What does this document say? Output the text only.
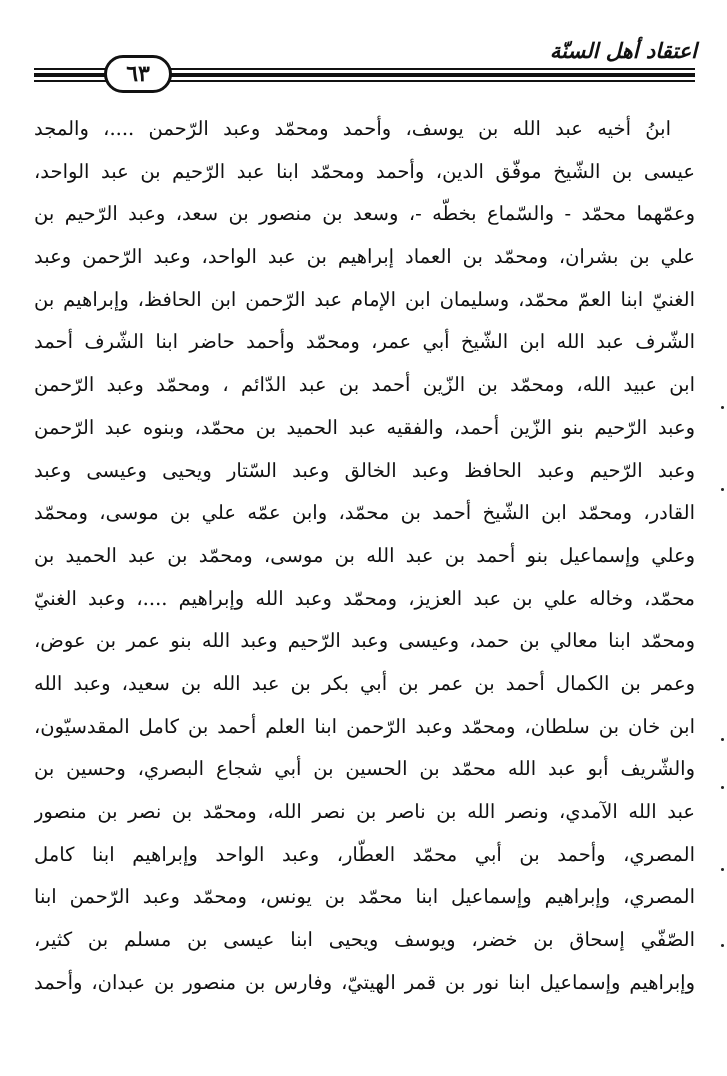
اعتقاد أهل السنّة
٦٣
ابنُ أخيه عبد الله بن يوسف، وأحمد ومحمّد وعبد الرّحمن ....، والمجد
عيسى بن الشّيخ موفّق الدين، وأحمد ومحمّد ابنا عبد الرّحيم بن عبد الواحد،
وعمّهما محمّد - والسّماع بخطّه -، وسعد بن منصور بن سعد، وعبد الرّحيم بن
علي بن بشران، ومحمّد بن العماد إبراهيم بن عبد الواحد، وعبد الرّحمن وعبد
الغنيّ ابنا العمّ محمّد، وسليمان ابن الإمام عبد الرّحمن ابن الحافظ، وإبراهيم بن
الشّرف عبد الله ابن الشّيخ أبي عمر، ومحمّد وأحمد حاضر ابنا الشّرف أحمد
ابن عبيد الله، ومحمّد بن الزّين أحمد بن عبد الدّائم ، ومحمّد وعبد الرّحمن
وعبد الرّحيم بنو الزّين أحمد، والفقيه عبد الحميد بن محمّد، وبنوه عبد الرّحمن
وعبد الرّحيم وعبد الحافظ وعبد الخالق وعبد السّتار ويحيى وعيسى وعبد
القادر، ومحمّد ابن الشّيخ أحمد بن محمّد، وابن عمّه علي بن موسى، ومحمّد
وعلي وإسماعيل بنو أحمد بن عبد الله بن موسى، ومحمّد بن عبد الحميد بن
محمّد، وخاله علي بن عبد العزيز، ومحمّد وعبد الله وإبراهيم ....، وعبد الغنيّ
ومحمّد ابنا معالي بن حمد، وعيسى وعبد الرّحيم وعبد الله بنو عمر بن عوض،
وعمر بن الكمال أحمد بن عمر بن أبي بكر بن عبد الله بن سعيد، وعبد الله
ابن خان بن سلطان، ومحمّد وعبد الرّحمن ابنا العلم أحمد بن كامل المقدسيّون،
والشّريف أبو عبد الله محمّد بن الحسين بن أبي شجاع البصري، وحسين بن
عبد الله الآمدي، ونصر الله بن ناصر بن نصر الله، ومحمّد بن نصر بن منصور
المصري، وأحمد بن أبي محمّد العطّار، وعبد الواحد وإبراهيم ابنا كامل
المصري، وإبراهيم وإسماعيل ابنا محمّد بن يونس، ومحمّد وعبد الرّحمن ابنا
الصّفّي إسحاق بن خضر، ويوسف ويحيى ابنا عيسى بن مسلم بن كثير،
وإبراهيم وإسماعيل ابنا نور بن قمر الهيتيّ، وفارس بن منصور بن عبدان، وأحمد
